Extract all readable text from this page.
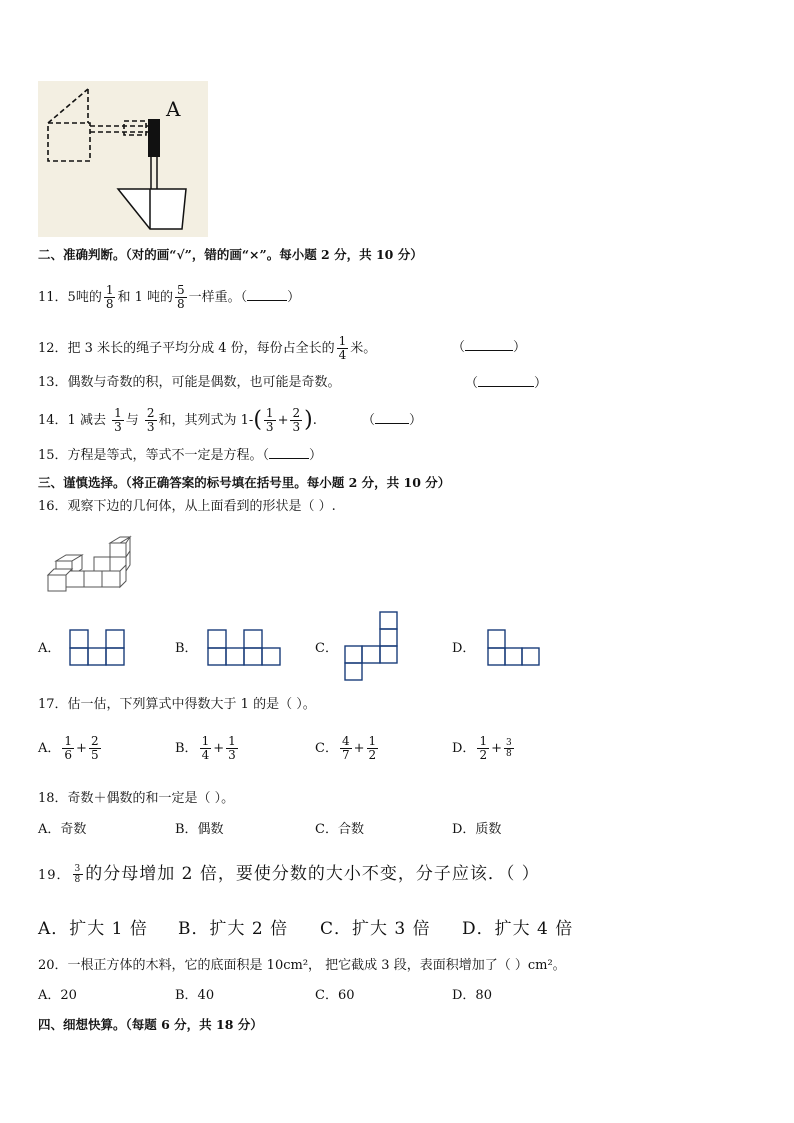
A
二、准确判断。（对的画“√”，错的画“×”。每小题 2 分，共 10 分）
11．5吨的 $\frac{1}{8}$ 和 1 吨的 $\frac{5}{8}$ 一样重。（	）
12．把 3 米长的绳子平均分成 4 份，每份占全长的 $\frac{1}{4}$ 米。	（	）
13．偶数与奇数的积，可能是偶数，也可能是奇数。	（	）
14．1 减去 $\frac{1}{3}$ 与 $\frac{2}{3}$ 和，其列式为 $1-( \frac{1}{3} + \frac{2}{3}$ ).	（	）
15．方程是等式，等式不一定是方程。（	）
三、谨慎选择。（将正确答案的标号填在括号里。每小题 2 分，共 10 分）
16．观察下边的几何体，从上面看到的形状是（ ）.
A．	B．	C．	D．
17．估一估，下列算式中得数大于 1 的是（ ）。
A． $\frac{1}{6} + \frac{2}{5}$	B． $\frac{1}{4} + \frac{1}{3}$	C． $\frac{4}{7} + \frac{1}{2}$	D． $\frac{1}{2} + \frac{3}{8}$
18．奇数＋偶数的和一定是（ ）。
A．奇数	B．偶数	C．合数	D．质数
19． $\frac{3}{8}$ 的分母增加 2 倍，要使分数的大小不变，分子应该．（ ）
A．扩大 1 倍 B．扩大 2 倍 C．扩大 3 倍 D．扩大 4 倍
20．一根正方体的木料，它的底面积是 10cm²， 把它截成 3 段，表面积增加了（ ）cm²。
A．20	B．40	C．60	D．80
四、细想快算。（每题 6 分，共 18 分）
